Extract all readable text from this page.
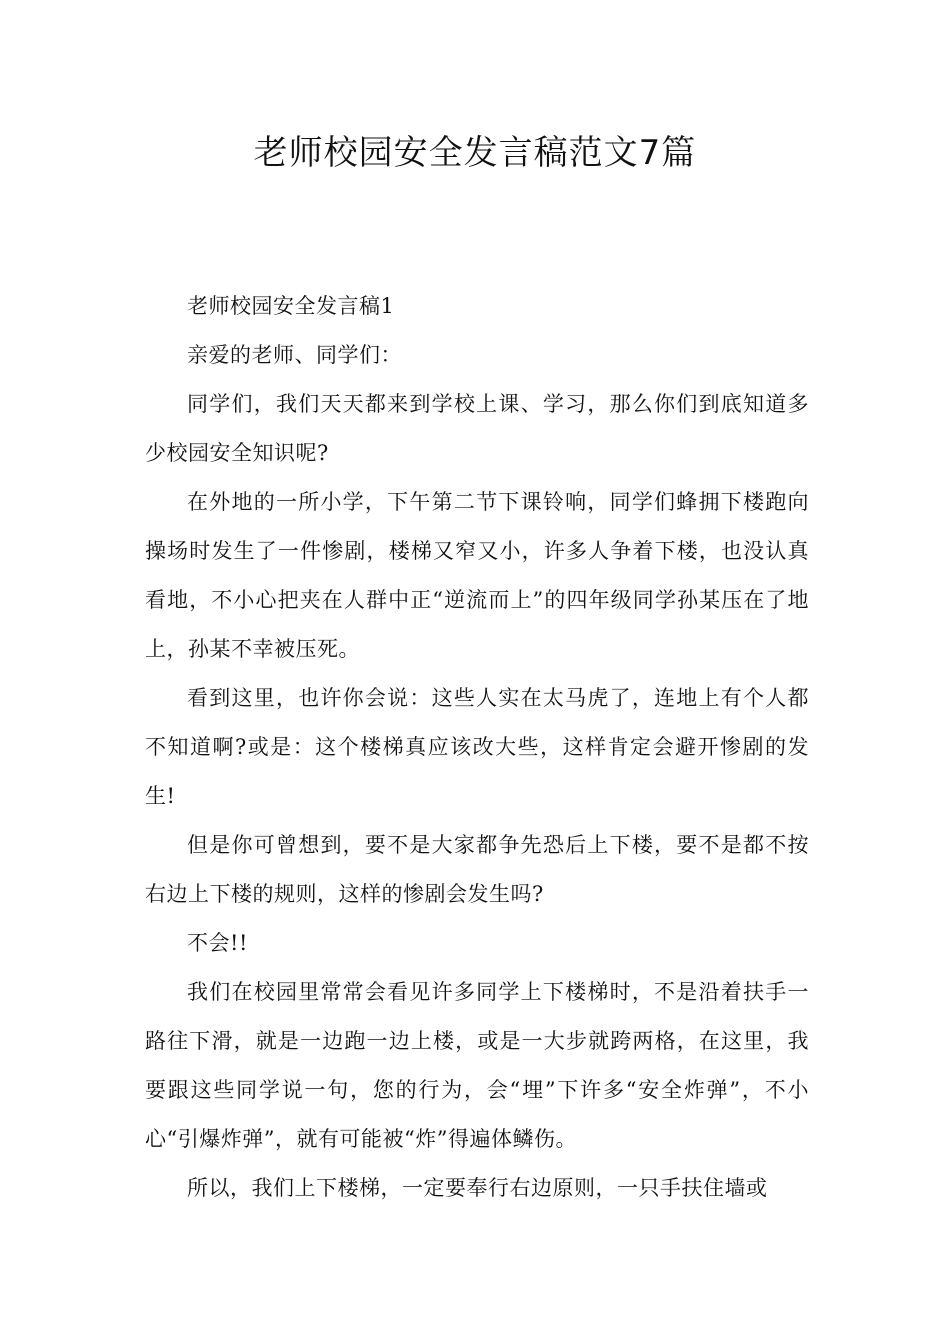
老师校园安全发言稿范文7篇

老师校园安全发言稿1

亲爱的老师、同学们：

同学们，我们天天都来到学校上课、学习，那么你们到底知道多少校园安全知识呢?

在外地的一所小学，下午第二节下课铃响，同学们蜂拥下楼跑向操场时发生了一件惨剧，楼梯又窄又小，许多人争着下楼，也没认真看地，不小心把夹在人群中正“逆流而上”的四年级同学孙某压在了地上，孙某不幸被压死。

看到这里，也许你会说：这些人实在太马虎了，连地上有个人都不知道啊?或是：这个楼梯真应该改大些，这样肯定会避开惨剧的发生!

但是你可曾想到，要不是大家都争先恐后上下楼，要不是都不按右边上下楼的规则，这样的惨剧会发生吗?

不会!!

我们在校园里常常会看见许多同学上下楼梯时，不是沿着扶手一路往下滑，就是一边跑一边上楼，或是一大步就跨两格，在这里，我要跟这些同学说一句，您的行为，会“埋”下许多“安全炸弹”，不小心“引爆炸弹”，就有可能被“炸”得遍体鳞伤。

所以，我们上下楼梯，一定要奉行右边原则，一只手扶住墙或
